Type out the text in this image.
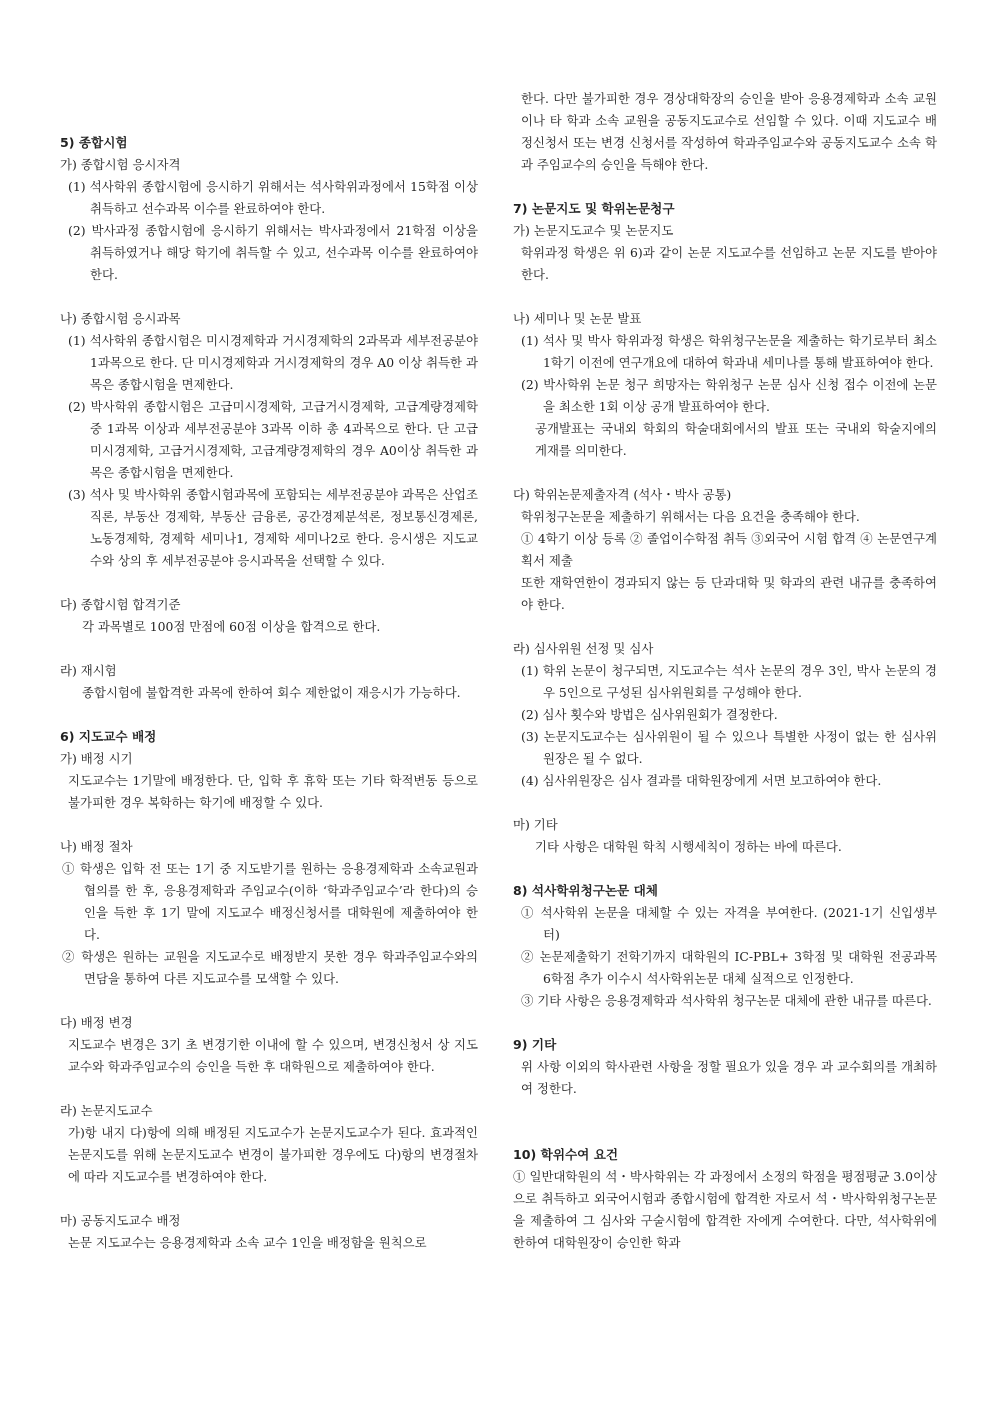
5) 종합시험

가) 종합시험 응시자격

(1) 석사학위 종합시험에 응시하기 위해서는 석사학위과정에서 15학점 이상 취득하고 선수과목 이수를 완료하여야 한다.

(2) 박사과정 종합시험에 응시하기 위해서는 박사과정에서 21학점 이상을 취득하였거나 해당 학기에 취득할 수 있고, 선수과목 이수를 완료하여야 한다.

나) 종합시험 응시과목

(1) 석사학위 종합시험은 미시경제학과 거시경제학의 2과목과 세부전공분야 1과목으로 한다. 단 미시경제학과 거시경제학의 경우 A0 이상 취득한 과목은 종합시험을 면제한다.

(2) 박사학위 종합시험은 고급미시경제학, 고급거시경제학, 고급계량경제학 중 1과목 이상과 세부전공분야 3과목 이하 총 4과목으로 한다. 단 고급미시경제학, 고급거시경제학, 고급계량경제학의 경우 A0이상 취득한 과목은 종합시험을 면제한다.

(3) 석사 및 박사학위 종합시험과목에 포함되는 세부전공분야 과목은 산업조직론, 부동산 경제학, 부동산 금융론, 공간경제분석론, 정보통신경제론, 노동경제학, 경제학 세미나1, 경제학 세미나2로 한다. 응시생은 지도교수와 상의 후 세부전공분야 응시과목을 선택할 수 있다.

다) 종합시험 합격기준

각 과목별로 100점 만점에 60점 이상을 합격으로 한다.

라) 재시험

종합시험에 불합격한 과목에 한하여 회수 제한없이 재응시가 가능하다.

6) 지도교수 배정

가) 배정 시기

지도교수는 1기말에 배정한다. 단, 입학 후 휴학 또는 기타 학적변동 등으로 불가피한 경우 복학하는 학기에 배정할 수 있다.

나) 배정 절차

① 학생은 입학 전 또는 1기 중 지도받기를 원하는 응용경제학과 소속교원과 협의를 한 후, 응용경제학과 주임교수(이하 ‘학과주임교수’라 한다)의 승인을 득한 후 1기 말에 지도교수 배정신청서를 대학원에 제출하여야 한다.

② 학생은 원하는 교원을 지도교수로 배정받지 못한 경우 학과주임교수와의 면담을 통하여 다른 지도교수를 모색할 수 있다.

다) 배정 변경

지도교수 변경은 3기 초 변경기한 이내에 할 수 있으며, 변경신청서 상 지도교수와 학과주임교수의 승인을 득한 후 대학원으로 제출하여야 한다.

라) 논문지도교수

가)항 내지 다)항에 의해 배정된 지도교수가 논문지도교수가 된다. 효과적인 논문지도를 위해 논문지도교수 변경이 불가피한 경우에도 다)항의 변경절차에 따라 지도교수를 변경하여야 한다.

마) 공동지도교수 배정

논문 지도교수는 응용경제학과 소속 교수 1인을 배정함을 원칙으로

한다. 다만 불가피한 경우 경상대학장의 승인을 받아 응용경제학과 소속 교원이나 타 학과 소속 교원을 공동지도교수로 선임할 수 있다. 이때 지도교수 배정신청서 또는 변경 신청서를 작성하여 학과주임교수와 공동지도교수 소속 학과 주임교수의 승인을 득해야 한다.

7) 논문지도 및 학위논문청구

가) 논문지도교수 및 논문지도

학위과정 학생은 위 6)과 같이 논문 지도교수를 선임하고 논문 지도를 받아야 한다.

나) 세미나 및 논문 발표

(1) 석사 및 박사 학위과정 학생은 학위청구논문을 제출하는 학기로부터 최소 1학기 이전에 연구개요에 대하여 학과내 세미나를 통해 발표하여야 한다.

(2) 박사학위 논문 청구 희망자는 학위청구 논문 심사 신청 접수 이전에 논문을 최소한 1회 이상 공개 발표하여야 한다.

공개발표는 국내외 학회의 학술대회에서의 발표 또는 국내외 학술지에의 게재를 의미한다.

다) 학위논문제출자격 (석사・박사 공통)

학위청구논문을 제출하기 위해서는 다음 요건을 충족해야 한다.

① 4학기 이상 등록 ② 졸업이수학점 취득 ③외국어 시험 합격 ④ 논문연구계획서 제출

또한 재학연한이 경과되지 않는 등 단과대학 및 학과의 관련 내규를 충족하여야 한다.

라) 심사위원 선정 및 심사

(1) 학위 논문이 청구되면, 지도교수는 석사 논문의 경우 3인, 박사 논문의 경우 5인으로 구성된 심사위원회를 구성해야 한다.

(2) 심사 횟수와 방법은 심사위원회가 결정한다.

(3) 논문지도교수는 심사위원이 될 수 있으나 특별한 사정이 없는 한 심사위원장은 될 수 없다.

(4) 심사위원장은 심사 결과를 대학원장에게 서면 보고하여야 한다.

마) 기타

기타 사항은 대학원 학칙 시행세칙이 정하는 바에 따른다.

8) 석사학위청구논문 대체

① 석사학위 논문을 대체할 수 있는 자격을 부여한다. (2021-1기 신입생부터)

② 논문제출학기 전학기까지 대학원의 IC-PBL+ 3학점 및 대학원 전공과목 6학점 추가 이수시 석사학위논문 대체 실적으로 인정한다.

③ 기타 사항은 응용경제학과 석사학위 청구논문 대체에 관한 내규를 따른다.

9) 기타

위 사항 이외의 학사관련 사항을 정할 필요가 있을 경우 과 교수회의를 개최하여 정한다.

10) 학위수여 요건

① 일반대학원의 석・박사학위는 각 과정에서 소정의 학점을 평점평균 3.0이상으로 취득하고 외국어시험과 종합시험에 합격한 자로서 석・박사학위청구논문을 제출하여 그 심사와 구술시험에 합격한 자에게 수여한다. 다만, 석사학위에 한하여 대학원장이 승인한 학과
